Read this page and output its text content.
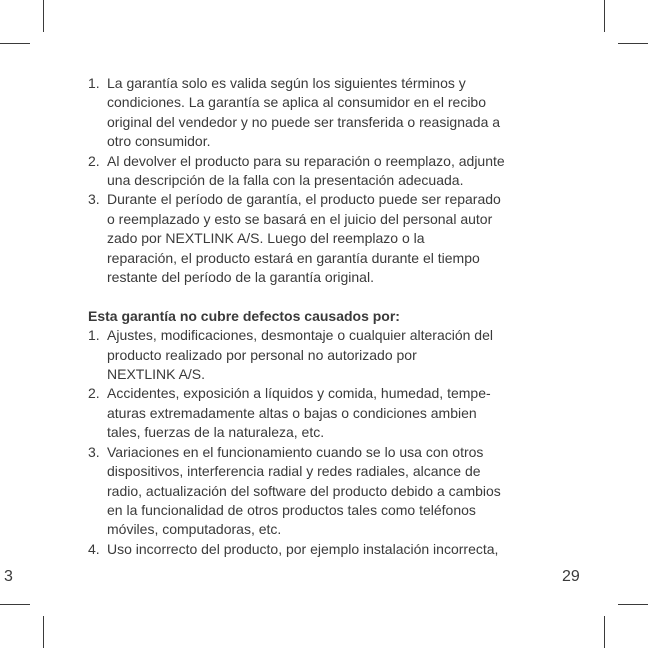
1. La garantía solo es valida según los siguientes términos y
condiciones. La garantía se aplica al consumidor en el recibo
original del vendedor y no puede ser transferida o reasignada a
otro consumidor.
2. Al devolver el producto para su reparación o reemplazo, adjunte
una descripción de la falla con la presentación adecuada.
3. Durante el período de garantía, el producto puede ser reparado
o reemplazado y esto se basará en el juicio del personal autor
zado por NEXTLINK A/S. Luego del reemplazo o la
reparación, el producto estará en garantía durante el tiempo
restante del período de la garantía original.
Esta garantía no cubre defectos causados por:
1. Ajustes, modificaciones, desmontaje o cualquier alteración del
producto realizado por personal no autorizado por
NEXTLINK A/S.
2. Accidentes, exposición a líquidos y comida, humedad, tempe-
aturas extremadamente altas o bajas o condiciones ambien
tales, fuerzas de la naturaleza, etc.
3. Variaciones en el funcionamiento cuando se lo usa con otros
dispositivos, interferencia radial y redes radiales, alcance de
radio, actualización del software del producto debido a cambios
en la funcionalidad de otros productos tales como teléfonos
móviles, computadoras, etc.
4. Uso incorrecto del producto, por ejemplo instalación incorrecta,
3	29
